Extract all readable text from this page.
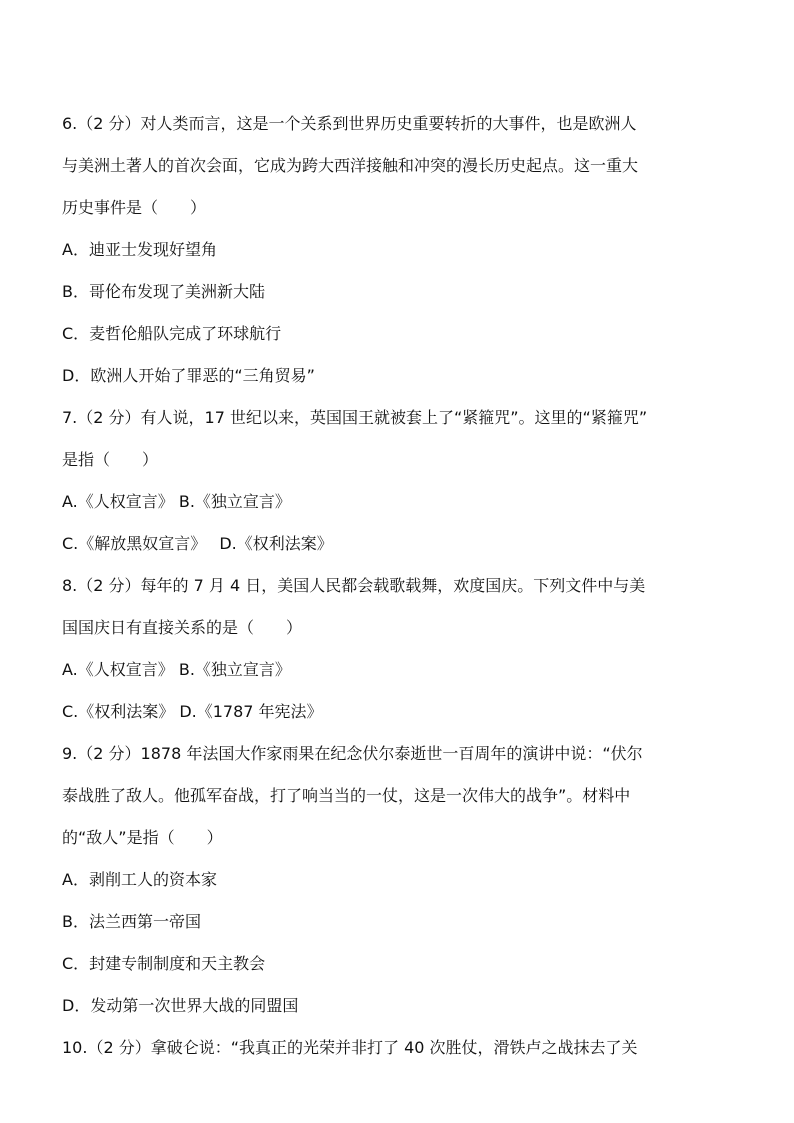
6.（2 分）对人类而言，这是一个关系到世界历史重要转折的大事件，也是欧洲人
与美洲土著人的首次会面，它成为跨大西洋接触和冲突的漫长历史起点。这一重大
历史事件是（　　）
A．迪亚士发现好望角
B．哥伦布发现了美洲新大陆
C．麦哲伦船队完成了环球航行
D．欧洲人开始了罪恶的“三角贸易”
7.（2 分）有人说，17 世纪以来，英国国王就被套上了“紧箍咒”。这里的“紧箍咒”
是指（　　）
A.《人权宣言》 B.《独立宣言》
C.《解放黑奴宣言》　 D.《权利法案》
8.（2 分）每年的 7 月 4 日，美国人民都会载歌载舞，欢度国庆。下列文件中与美
国国庆日有直接关系的是（　　）
A.《人权宣言》 B.《独立宣言》
C.《权利法案》 D.《1787 年宪法》
9.（2 分）1878 年法国大作家雨果在纪念伏尔泰逝世一百周年的演讲中说：“伏尔
泰战胜了敌人。他孤军奋战，打了响当当的一仗，这是一次伟大的战争”。材料中
的“敌人”是指（　　）
A．剥削工人的资本家
B．法兰西第一帝国
C．封建专制制度和天主教会
D．发动第一次世界大战的同盟国
10.（2 分）拿破仑说：“我真正的光荣并非打了 40 次胜仗，滑铁卢之战抹去了关
